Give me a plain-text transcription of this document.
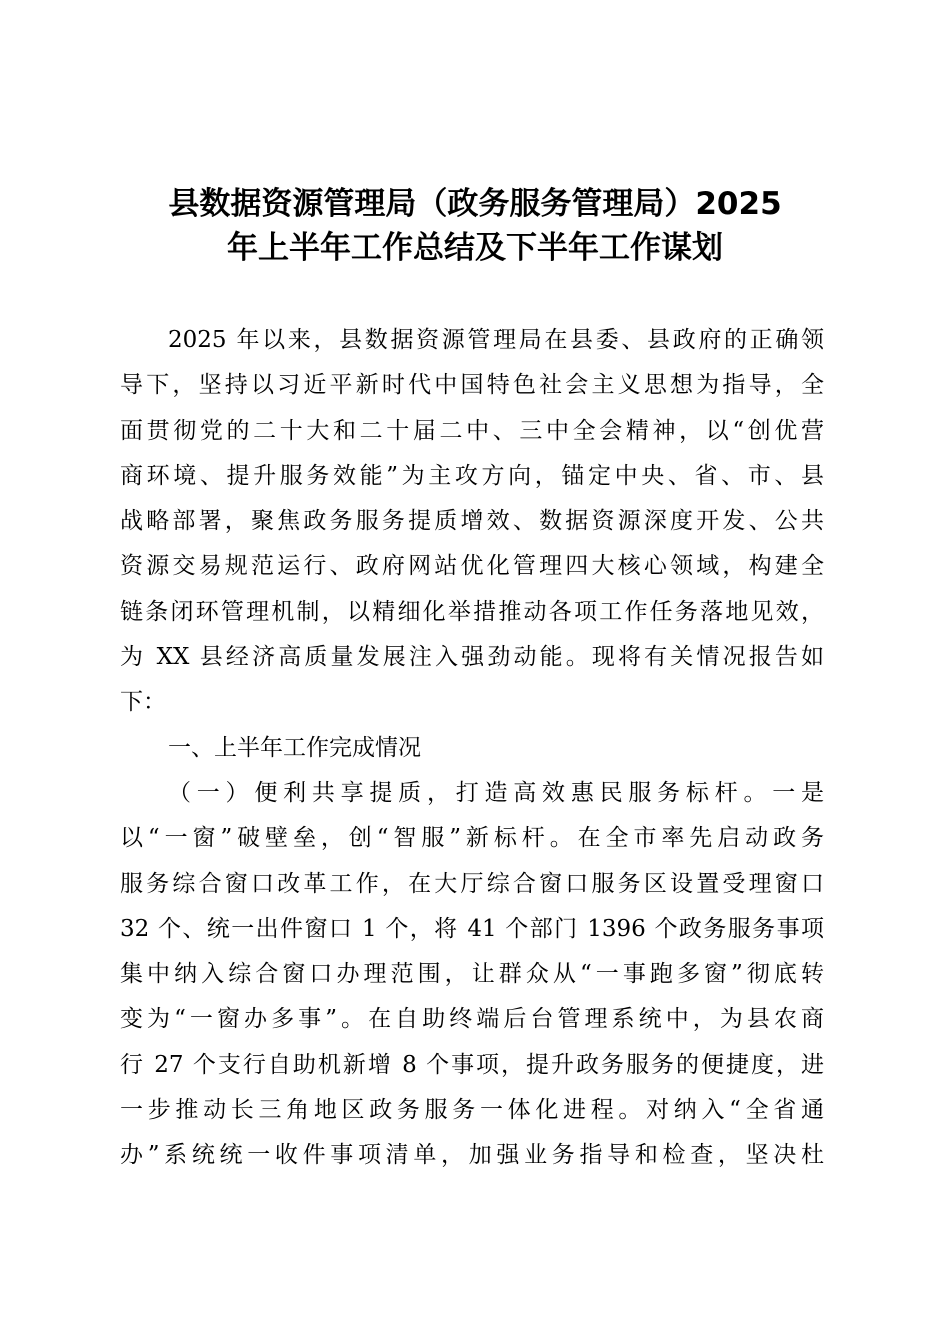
县数据资源管理局（政务服务管理局）2025
年上半年工作总结及下半年工作谋划
2025 年以来，县数据资源管理局在县委、县政府的正确领
导下，坚持以习近平新时代中国特色社会主义思想为指导，全
面贯彻党的二十大和二十届二中、三中全会精神，以“创优营
商环境、提升服务效能”为主攻方向，锚定中央、省、市、县
战略部署，聚焦政务服务提质增效、数据资源深度开发、公共
资源交易规范运行、政府网站优化管理四大核心领域，构建全
链条闭环管理机制，以精细化举措推动各项工作任务落地见效，
为 XX 县经济高质量发展注入强劲动能。现将有关情况报告如
下：
一、上半年工作完成情况
（一）便利共享提质，打造高效惠民服务标杆。一是
以“一窗”破壁垒，创“智服”新标杆。在全市率先启动政务
服务综合窗口改革工作，在大厅综合窗口服务区设置受理窗口
32 个、统一出件窗口 1 个，将 41 个部门 1396 个政务服务事项
集中纳入综合窗口办理范围，让群众从“一事跑多窗”彻底转
变为“一窗办多事”。在自助终端后台管理系统中，为县农商
行 27 个支行自助机新增 8 个事项，提升政务服务的便捷度，进
一步推动长三角地区政务服务一体化进程。对纳入“全省通
办”系统统一收件事项清单，加强业务指导和检查，坚决杜
